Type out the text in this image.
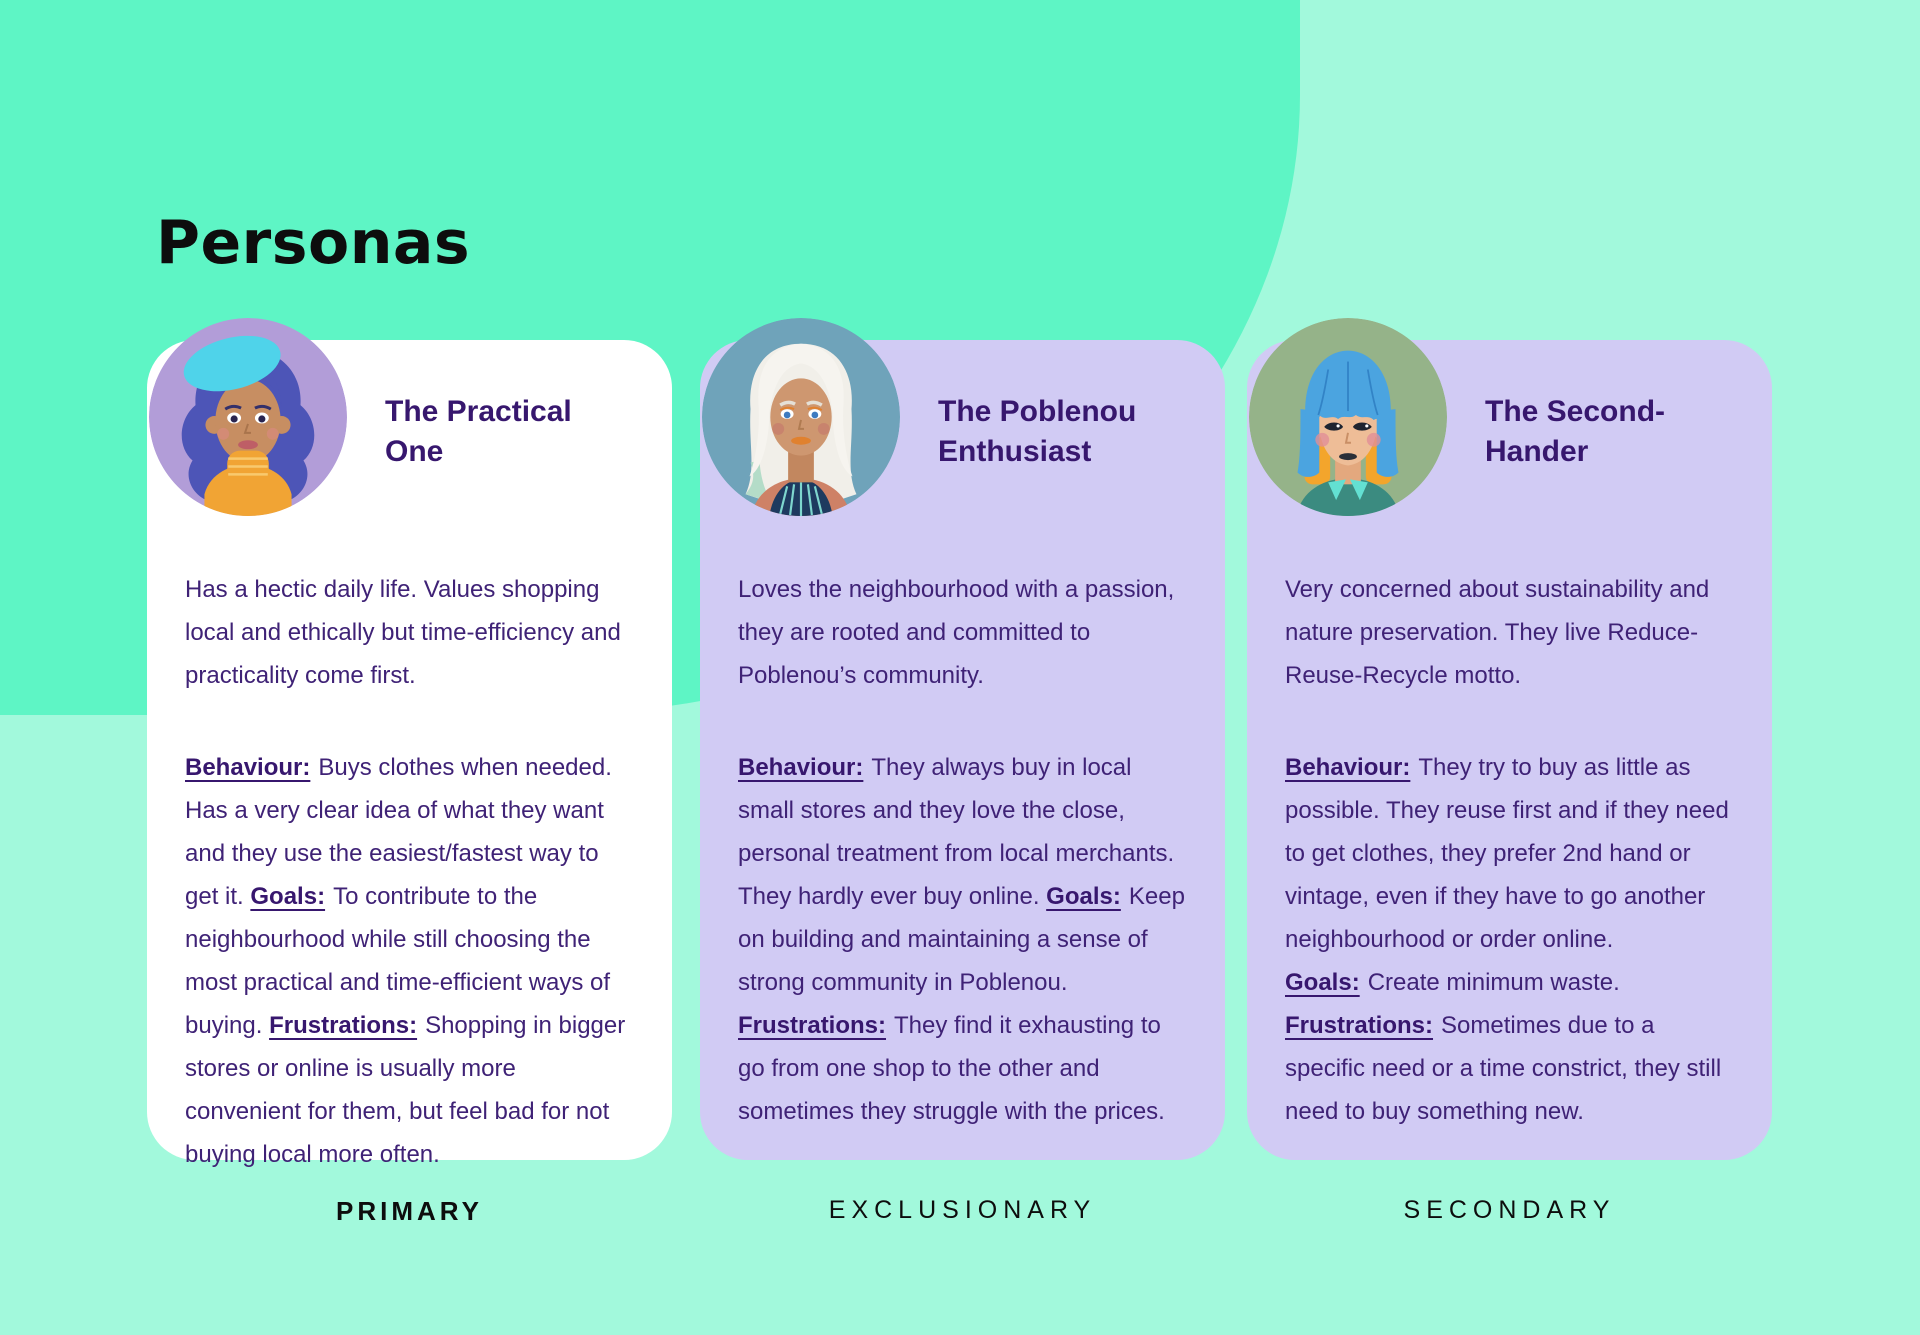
Personas
The Practical One

Has a hectic daily life. Values shopping local and ethically but time-efficiency and practicality come first.

Behaviour: Buys clothes when needed. Has a very clear idea of what they want and they use the easiest/fastest way to get it. Goals: To contribute to the neighbourhood while still choosing the most practical and time-efficient ways of buying. Frustrations: Shopping in bigger stores or online is usually more convenient for them, but feel bad for not buying local more often.

PRIMARY
The Poblenou Enthusiast

Loves the neighbourhood with a passion, they are rooted and committed to Poblenou’s community.

Behaviour: They always buy in local small stores and they love the close, personal treatment from local merchants. They hardly ever buy online. Goals: Keep on building and maintaining a sense of strong community in Poblenou. Frustrations: They find it exhausting to go from one shop to the other and sometimes they struggle with the prices.

EXCLUSIONARY
The Second-Hander

Very concerned about sustainability and nature preservation. They live Reduce-Reuse-Recycle motto.

Behaviour: They try to buy as little as possible. They reuse first and if they need to get clothes, they prefer 2nd hand or vintage, even if they have to go another neighbourhood or order online. Goals: Create minimum waste. Frustrations: Sometimes due to a specific need or a time constrict, they still need to buy something new.

SECONDARY
